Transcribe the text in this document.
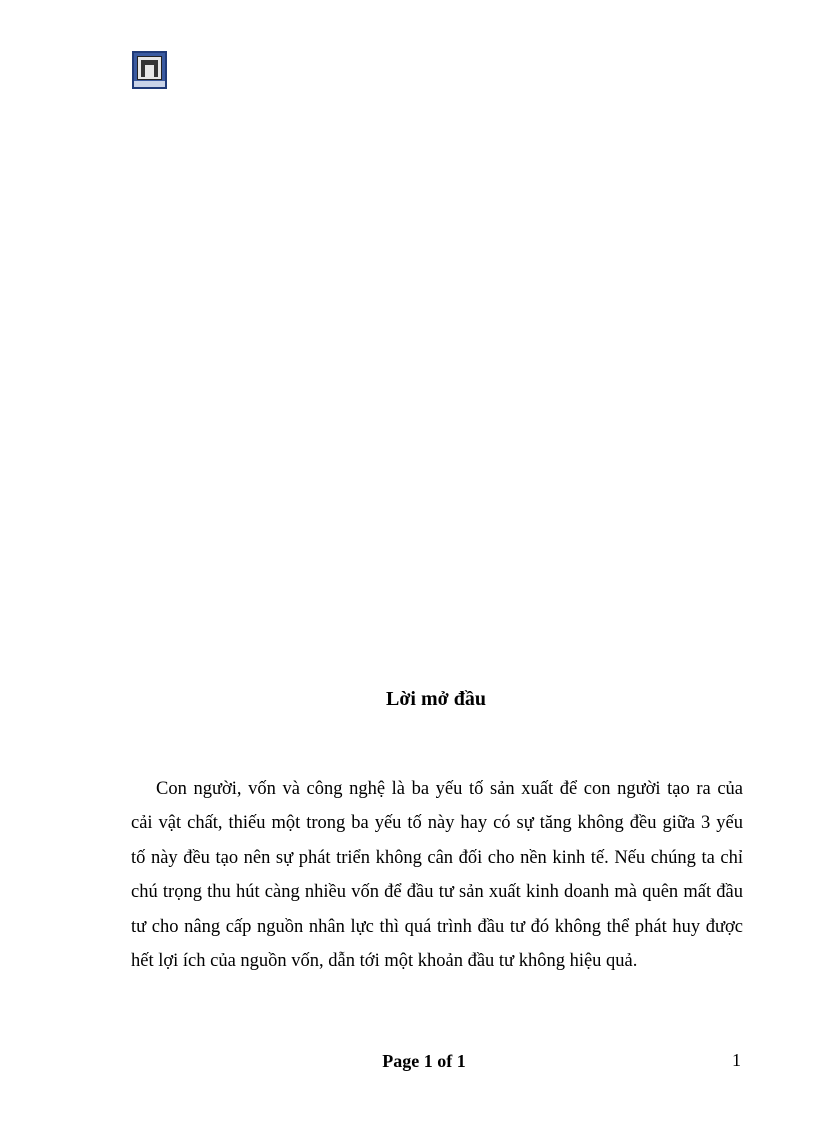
Lời mở đầu

Con người, vốn và công nghệ là ba yếu tố sản xuất để con người tạo ra của
cải vật chất, thiếu một trong ba yếu tố này hay có sự tăng không đều giữa 3 yếu
tố này đều tạo nên sự phát triển không cân đối cho nền kinh tế. Nếu chúng ta chỉ
chú trọng thu hút càng nhiều vốn để đầu tư sản xuất kinh doanh mà quên mất đầu
tư cho nâng cấp nguồn nhân lực thì quá trình đầu tư đó không thể phát huy được
hết lợi ích của nguồn vốn, dẫn tới một khoản đầu tư không hiệu quả.

Page 1 of 1	1
